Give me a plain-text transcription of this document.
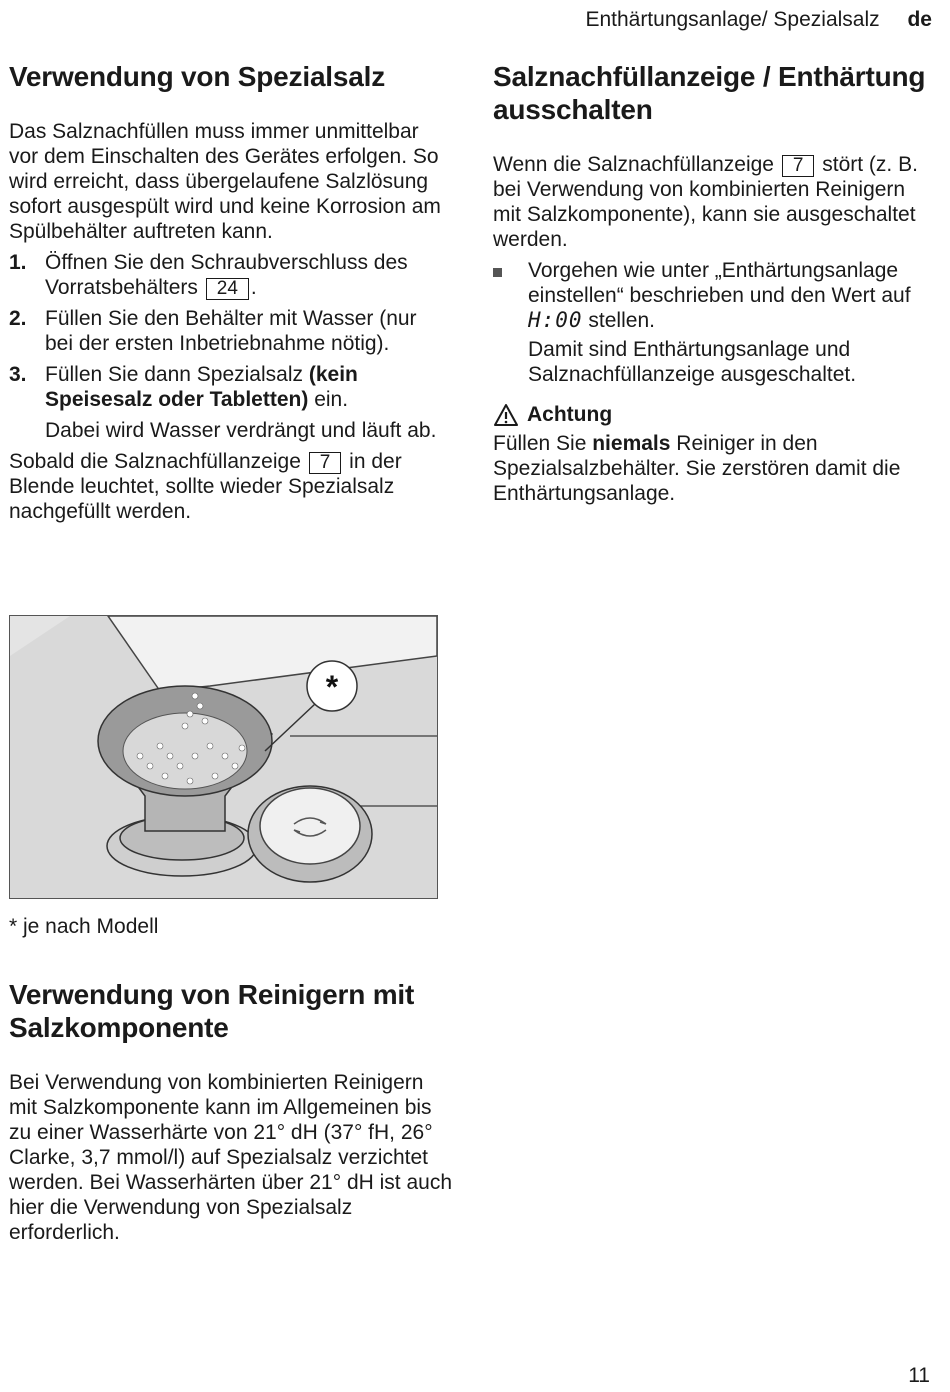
Enthärtungsanlage/ Spezialsalz de
Verwendung von Spezialsalz

Das Salznachfüllen muss immer unmittelbar vor dem Einschalten des Gerätes erfolgen. So wird erreicht, dass übergelaufene Salzlösung sofort ausgespült wird und keine Korrosion am Spülbehälter auftreten kann.

1. Öffnen Sie den Schraubverschluss des Vorratsbehälters 24 .
2. Füllen Sie den Behälter mit Wasser (nur bei der ersten Inbetriebnahme nötig).
3. Füllen Sie dann Spezialsalz (kein Speisesalz oder Tabletten) ein.
Dabei wird Wasser verdrängt und läuft ab.

Sobald die Salznachfüllanzeige 7 in der Blende leuchtet, sollte wieder Spezialsalz nachgefüllt werden.

*
* je nach Modell
Verwendung von Reinigern mit Salzkomponente

Bei Verwendung von kombinierten Reinigern mit Salzkomponente kann im Allgemeinen bis zu einer Wasserhärte von 21° dH (37° fH, 26° Clarke, 3,7 mmol/l) auf Spezialsalz verzichtet werden. Bei Wasserhärten über 21° dH ist auch hier die Verwendung von Spezialsalz erforderlich.

Salznachfüllanzeige / Enthärtung ausschalten

Wenn die Salznachfüllanzeige 7 stört (z. B. bei Verwendung von kombinierten Reinigern mit Salzkomponente), kann sie ausgeschaltet werden.

Vorgehen wie unter „Enthärtungsanlage einstellen“ beschrieben und den Wert auf H:00 stellen.

Damit sind Enthärtungsanlage und Salznachfüllanzeige ausgeschaltet.

Achtung

Füllen Sie niemals Reiniger in den Spezialsalzbehälter. Sie zerstören damit die Enthärtungsanlage.

11
